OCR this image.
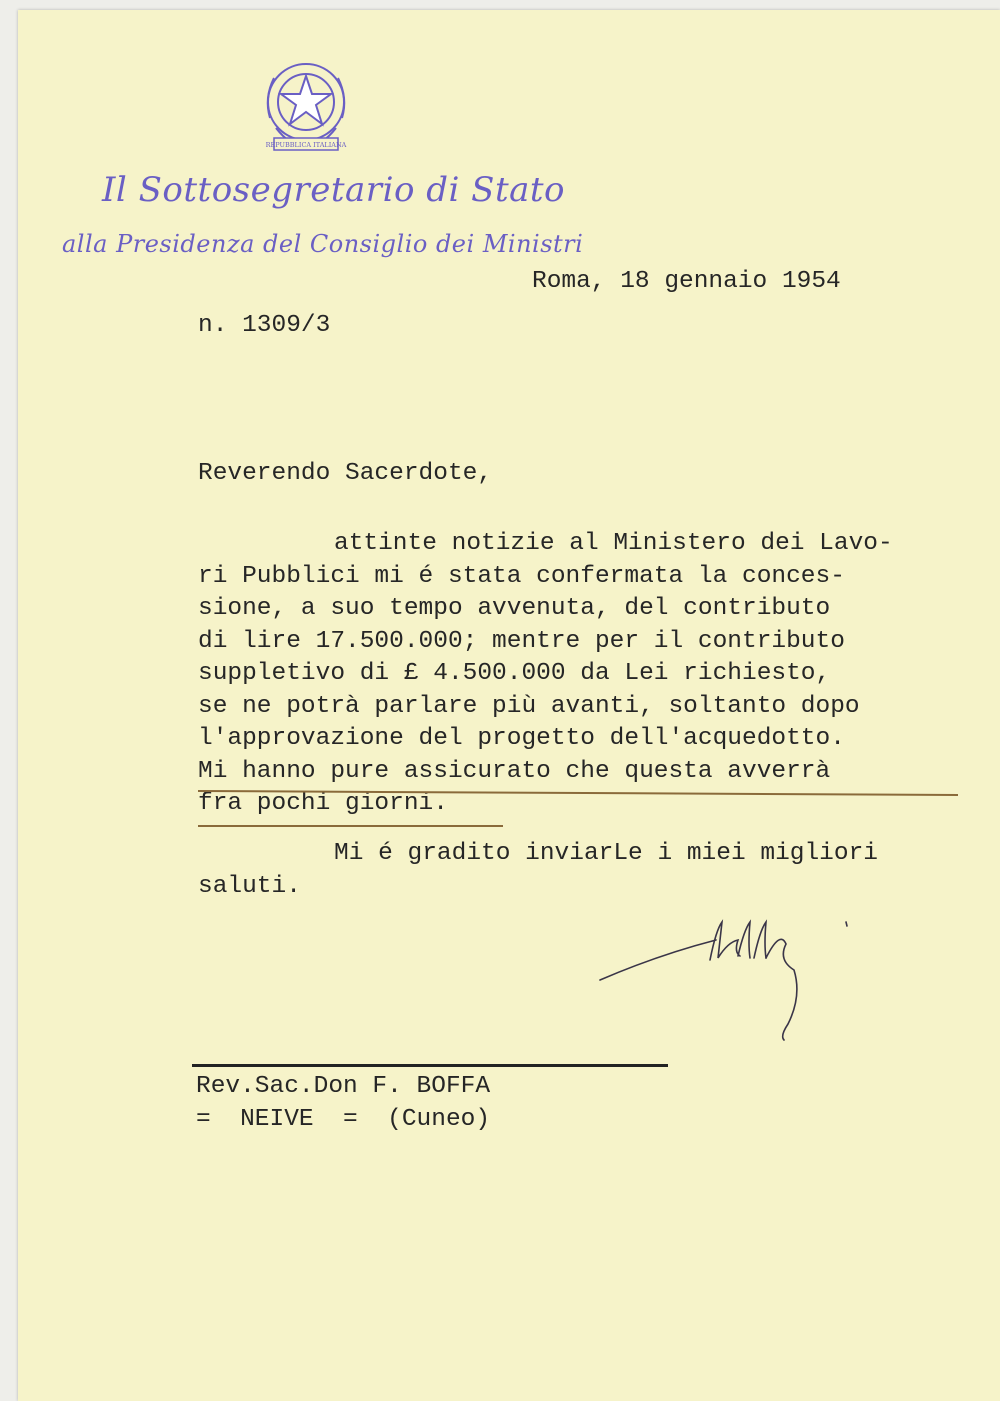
REPUBBLICA ITALIANA
Il Sottosegretario di Stato
alla Presidenza del Consiglio dei Ministri
Roma, 18 gennaio 1954
n. 1309/3
Reverendo Sacerdote,
attinte notizie al Ministero dei Lavo-
ri Pubblici mi é stata confermata la conces-
sione, a suo tempo avvenuta, del contributo
di lire 17.500.000; mentre per il contributo
suppletivo di £ 4.500.000 da Lei richiesto,
se ne potrà parlare più avanti, soltanto dopo
l'approvazione del progetto dell'acquedotto.
Mi hanno pure assicurato che questa avverrà
fra pochi giorni.
Mi é gradito inviarLe i miei migliori
saluti.
Rev.Sac.Don F. BOFFA
=  NEIVE  =  (Cuneo)
